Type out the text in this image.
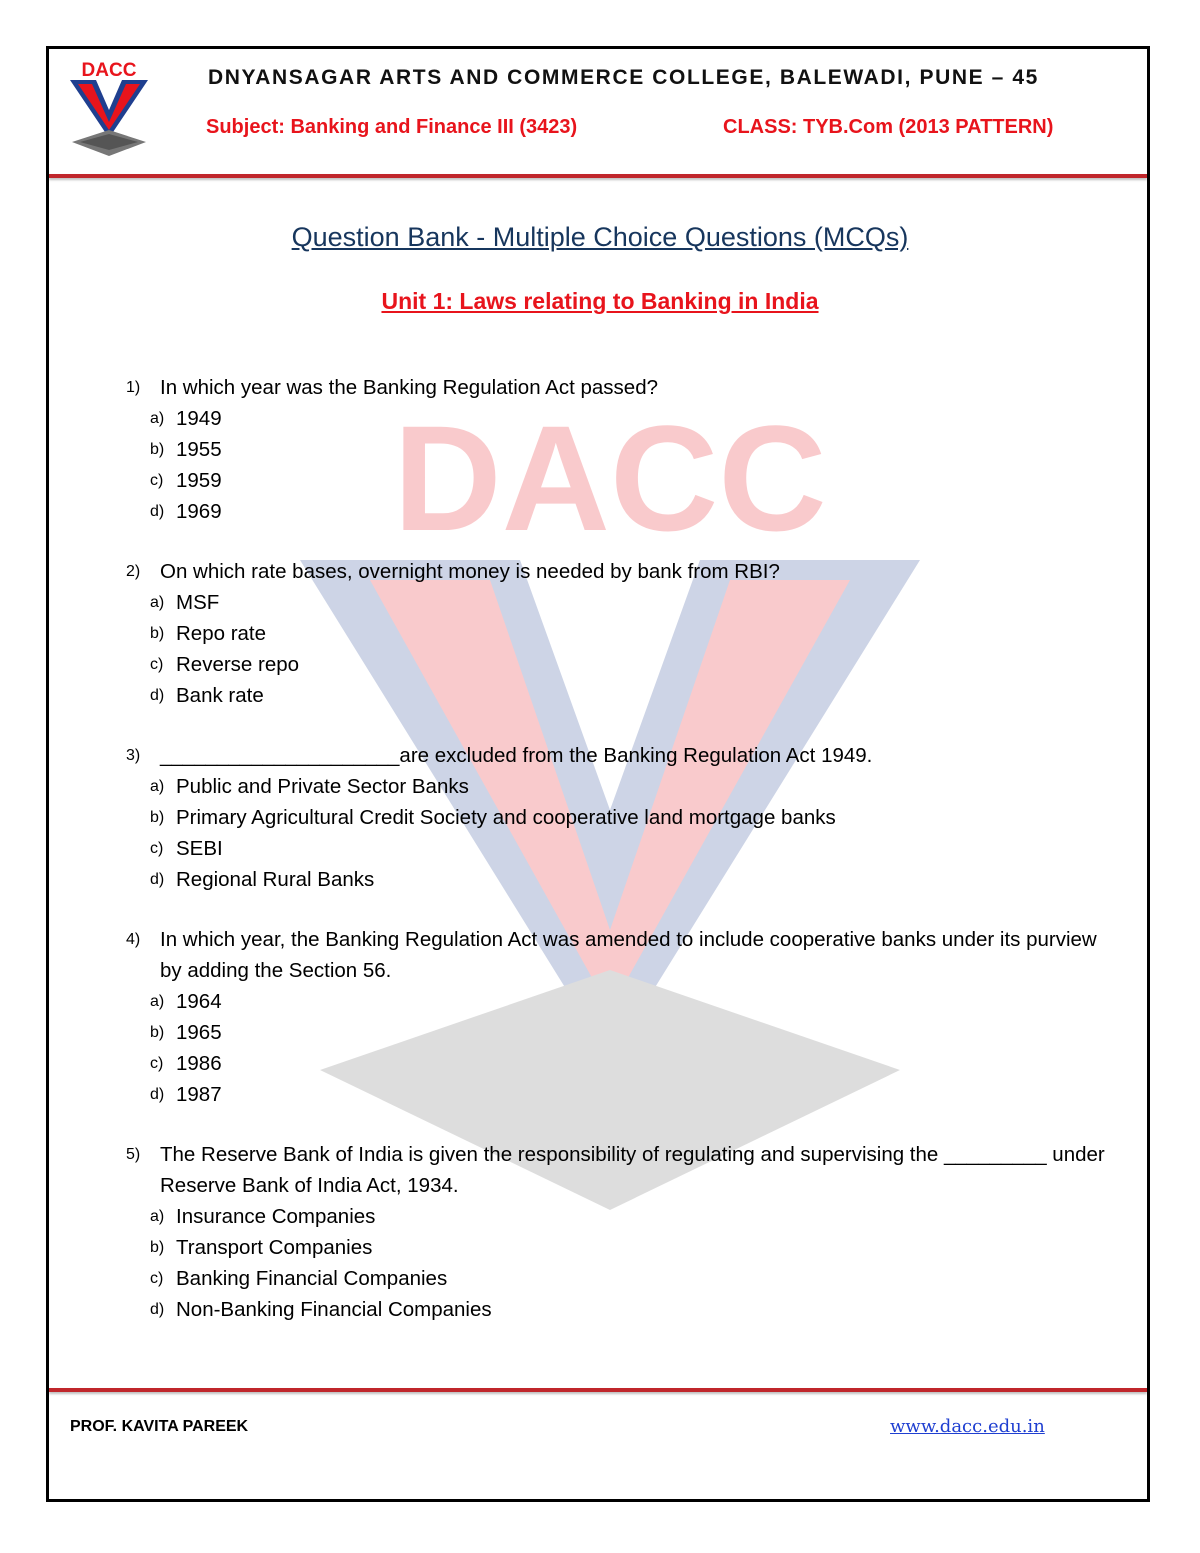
DACC	DNYANSAGAR ARTS AND COMMERCE COLLEGE, BALEWADI, PUNE – 45
Subject: Banking and Finance III (3423)	CLASS: TYB.Com (2013 PATTERN)
DACC
Question Bank - Multiple Choice Questions (MCQs)
Unit 1: Laws relating to Banking in India
1) In which year was the Banking Regulation Act passed?
a) 1949
b) 1955
c) 1959
d) 1969
2) On which rate bases, overnight money is needed by bank from RBI?
a) MSF
b) Repo rate
c) Reverse repo
d) Bank rate
3) _____________________are excluded from the Banking Regulation Act 1949.
a) Public and Private Sector Banks
b) Primary Agricultural Credit Society and cooperative land mortgage banks
c) SEBI
d) Regional Rural Banks
4) In which year, the Banking Regulation Act was amended to include cooperative banks under its purview by adding the Section 56.
a) 1964
b) 1965
c) 1986
d) 1987
5) The Reserve Bank of India is given the responsibility of regulating and supervising the _________ under Reserve Bank of India Act, 1934.
a) Insurance Companies
b) Transport Companies
c) Banking Financial Companies
d) Non-Banking Financial Companies
PROF. KAVITA PAREEK	www.dacc.edu.in
